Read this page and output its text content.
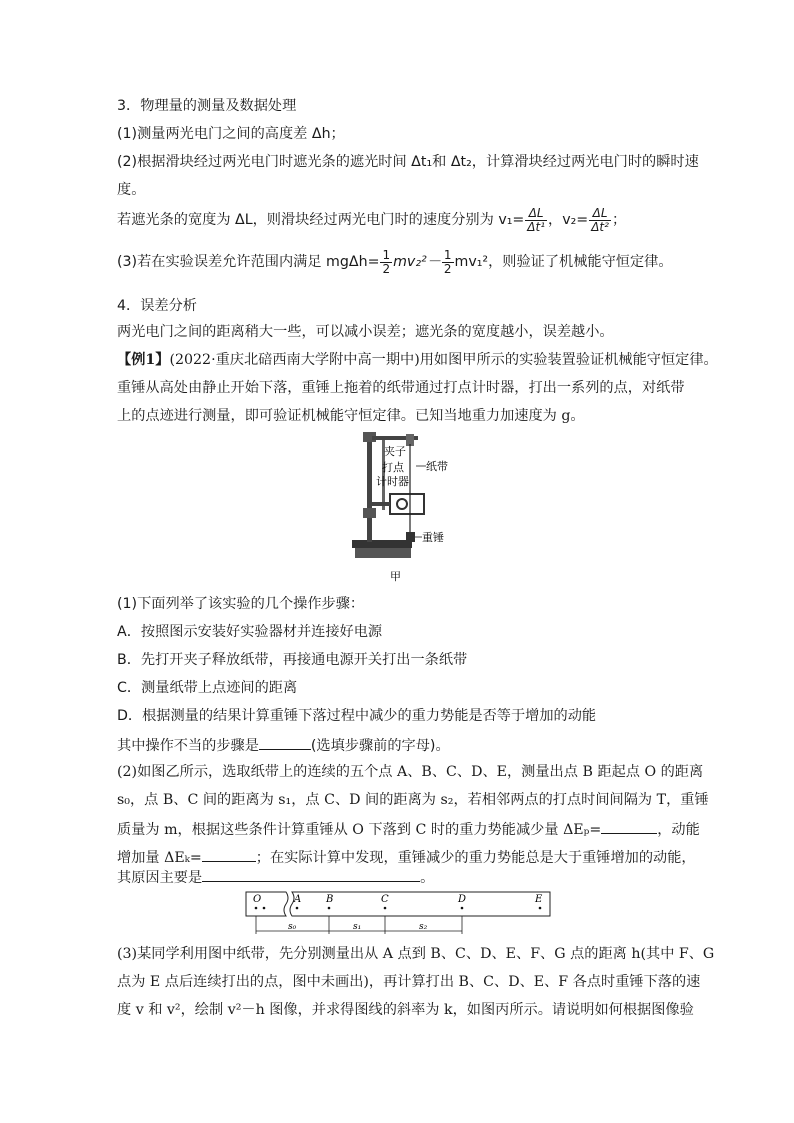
3．物理量的测量及数据处理
(1)测量两光电门之间的高度差 Δh；
(2)根据滑块经过两光电门时遮光条的遮光时间 Δt₁和 Δt₂，计算滑块经过两光电门时的瞬时速
度。
若遮光条的宽度为 ΔL，则滑块经过两光电门时的速度分别为 $v_1= \frac{\Delta L}{\text{Δt¹}}$ ，$v_2= \frac{\Delta L}{\text{Δt²}}$ ；
(3)若在实验误差允许范围内满足 $mg\Delta h= \frac{1}{2} mv_2^2- \frac{1}{2} mv_1^2$，则验证了机械能守恒定律。
4．误差分析
两光电门之间的距离稍大一些，可以减小误差；遮光条的宽度越小，误差越小。
【例1】(2022·重庆北碚西南大学附中高一期中)用如图甲所示的实验装置验证机械能守恒定律。
重锤从高处由静止开始下落，重锤上拖着的纸带通过打点计时器，打出一系列的点，对纸带
上的点迹进行测量，即可验证机械能守恒定律。已知当地重力加速度为 g。
夹子
打点
计时器
纸带
重锤
甲
(1)下面列举了该实验的几个操作步骤：
A．按照图示安装好实验器材并连接好电源
B．先打开夹子释放纸带，再接通电源开关打出一条纸带
C．测量纸带上点迹间的距离
D．根据测量的结果计算重锤下落过程中减少的重力势能是否等于增加的动能
其中操作不当的步骤是	(选填步骤前的字母)。
(2)如图乙所示，选取纸带上的连续的五个点 A、B、C、D、E，测量出点 B 距起点 O 的距离
s₀，点 B、C 间的距离为 s₁，点 C、D 间的距离为 s₂，若相邻两点的打点时间间隔为 T，重锤
质量为 m，根据这些条件计算重锤从 O 下落到 C 时的重力势能减少量 ΔEₚ=	，动能
增加量 ΔEₖ=	；在实际计算中发现，重锤减少的重力势能总是大于重锤增加的动能，
其原因主要是	。
O	A B	C	D	E
s₀	s₁	s₂
(3)某同学利用图中纸带，先分别测量出从 A 点到 B、C、D、E、F、G 点的距离 h(其中 F、G
点为 E 点后连续打出的点，图中未画出)，再计算打出 B、C、D、E、F 各点时重锤下落的速
度 v 和 v²，绘制 v²－h 图像，并求得图线的斜率为 k，如图丙所示。请说明如何根据图像验
